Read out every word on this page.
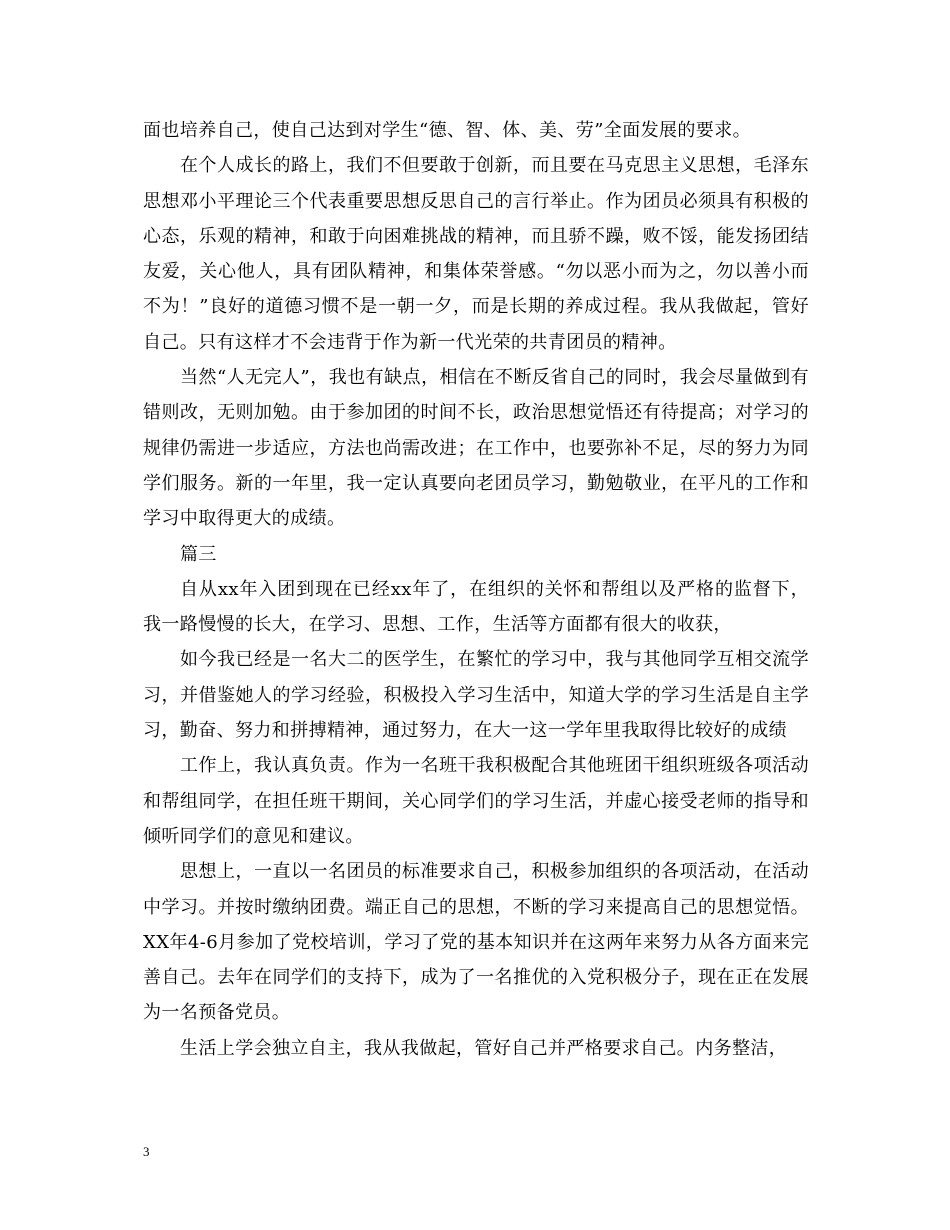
面也培养自己，使自己达到对学生“德、智、体、美、劳”全面发展的要求。

在个人成长的路上，我们不但要敢于创新，而且要在马克思主义思想，毛泽东思想邓小平理论三个代表重要思想反思自己的言行举止。作为团员必须具有积极的心态，乐观的精神，和敢于向困难挑战的精神，而且骄不躁，败不馁，能发扬团结友爱，关心他人，具有团队精神，和集体荣誉感。“勿以恶小而为之，勿以善小而不为！”良好的道德习惯不是一朝一夕，而是长期的养成过程。我从我做起，管好自己。只有这样才不会违背于作为新一代光荣的共青团员的精神。

当然“人无完人”，我也有缺点，相信在不断反省自己的同时，我会尽量做到有错则改，无则加勉。由于参加团的时间不长，政治思想觉悟还有待提高；对学习的规律仍需进一步适应，方法也尚需改进；在工作中，也要弥补不足，尽的努力为同学们服务。新的一年里，我一定认真要向老团员学习，勤勉敬业，在平凡的工作和学习中取得更大的成绩。

篇三

自从xx年入团到现在已经xx年了，在组织的关怀和帮组以及严格的监督下，我一路慢慢的长大，在学习、思想、工作，生活等方面都有很大的收获，

如今我已经是一名大二的医学生，在繁忙的学习中，我与其他同学互相交流学习，并借鉴她人的学习经验，积极投入学习生活中，知道大学的学习生活是自主学习，勤奋、努力和拼搏精神，通过努力，在大一这一学年里我取得比较好的成绩

工作上，我认真负责。作为一名班干我积极配合其他班团干组织班级各项活动和帮组同学，在担任班干期间，关心同学们的学习生活，并虚心接受老师的指导和倾听同学们的意见和建议。

思想上，一直以一名团员的标准要求自己，积极参加组织的各项活动，在活动中学习。并按时缴纳团费。端正自己的思想，不断的学习来提高自己的思想觉悟。XX年4-6月参加了党校培训，学习了党的基本知识并在这两年来努力从各方面来完善自己。去年在同学们的支持下，成为了一名推优的入党积极分子，现在正在发展为一名预备党员。

生活上学会独立自主，我从我做起，管好自己并严格要求自己。内务整洁，

3
